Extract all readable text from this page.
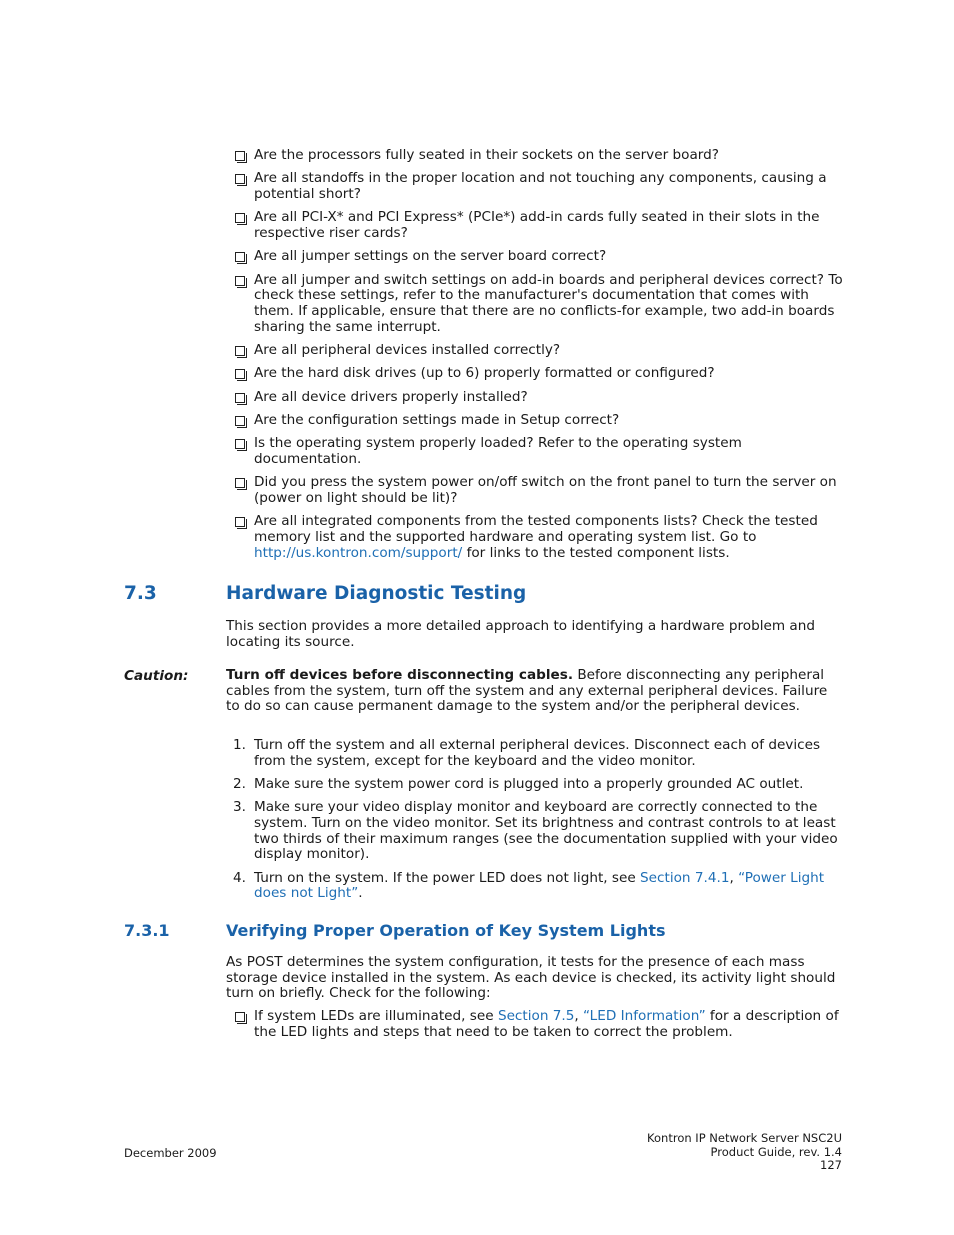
Are the processors fully seated in their sockets on the server board?
Are all standoffs in the proper location and not touching any components, causing a potential short?
Are all PCI-X* and PCI Express* (PCIe*) add-in cards fully seated in their slots in the respective riser cards?
Are all jumper settings on the server board correct?
Are all jumper and switch settings on add-in boards and peripheral devices correct? To check these settings, refer to the manufacturer's documentation that comes with them. If applicable, ensure that there are no conflicts-for example, two add-in boards sharing the same interrupt.
Are all peripheral devices installed correctly?
Are the hard disk drives (up to 6) properly formatted or configured?
Are all device drivers properly installed?
Are the configuration settings made in Setup correct?
Is the operating system properly loaded? Refer to the operating system documentation.
Did you press the system power on/off switch on the front panel to turn the server on (power on light should be lit)?
Are all integrated components from the tested components lists? Check the tested memory list and the supported hardware and operating system list. Go to
http://us.kontron.com/support/ for links to the tested component lists.
7.3	Hardware Diagnostic Testing

This section provides a more detailed approach to identifying a hardware problem and locating its source.

Caution:	Turn off devices before disconnecting cables. Before disconnecting any peripheral cables from the system, turn off the system and any external peripheral devices. Failure to do so can cause permanent damage to the system and/or the peripheral devices.

1. Turn off the system and all external peripheral devices. Disconnect each of devices from the system, except for the keyboard and the video monitor.
2. Make sure the system power cord is plugged into a properly grounded AC outlet.
3. Make sure your video display monitor and keyboard are correctly connected to the system. Turn on the video monitor. Set its brightness and contrast controls to at least two thirds of their maximum ranges (see the documentation supplied with your video display monitor).
4. Turn on the system. If the power LED does not light, see Section 7.4.1, “Power Light does not Light”.
7.3.1	Verifying Proper Operation of Key System Lights

As POST determines the system configuration, it tests for the presence of each mass storage device installed in the system. As each device is checked, its activity light should turn on briefly. Check for the following:

If system LEDs are illuminated, see Section 7.5, “LED Information” for a description of the LED lights and steps that need to be taken to correct the problem.
December 2009
Kontron IP Network Server NSC2U
Product Guide, rev. 1.4
127
